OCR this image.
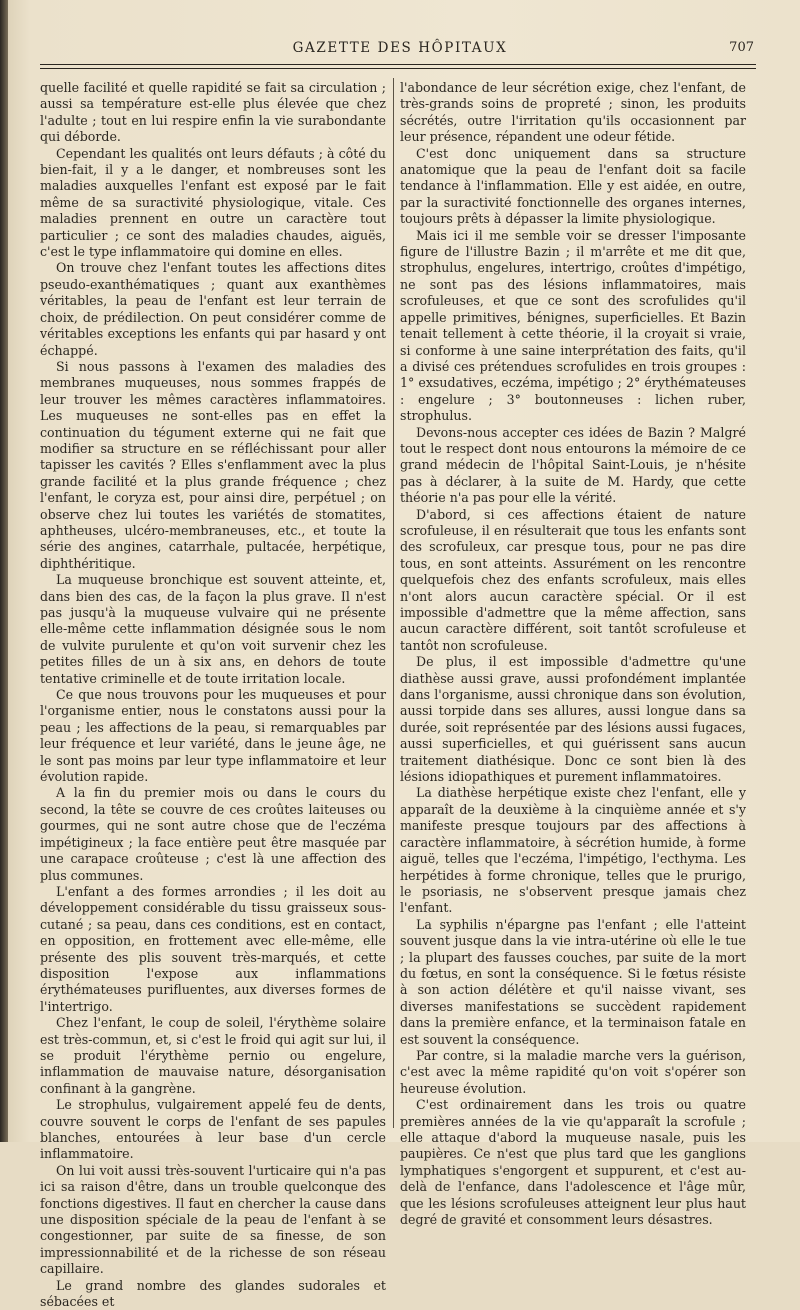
GAZETTE DES HÔPITAUX	707

quelle facilité et quelle rapidité se fait sa circulation ; aussi sa température est-elle plus élevée que chez l'adulte ; tout en lui respire enfin la vie surabondante qui déborde.

Cependant les qualités ont leurs défauts ; à côté du bien-fait, il y a le danger, et nombreuses sont les maladies auxquelles l'enfant est exposé par le fait même de sa suractivité physiologique, vitale. Ces maladies prennent en outre un caractère tout particulier ; ce sont des maladies chaudes, aiguës, c'est le type inflammatoire qui domine en elles.

On trouve chez l'enfant toutes les affections dites pseudo-exanthématiques ; quant aux exanthèmes véritables, la peau de l'enfant est leur terrain de choix, de prédilection. On peut considérer comme de véritables exceptions les enfants qui par hasard y ont échappé.

Si nous passons à l'examen des maladies des membranes muqueuses, nous sommes frappés de leur trouver les mêmes caractères inflammatoires. Les muqueuses ne sont-elles pas en effet la continuation du tégument externe qui ne fait que modifier sa structure en se réfléchissant pour aller tapisser les cavités ? Elles s'enflamment avec la plus grande facilité et la plus grande fréquence ; chez l'enfant, le coryza est, pour ainsi dire, perpétuel ; on observe chez lui toutes les variétés de stomatites, aphtheuses, ulcéro-membraneuses, etc., et toute la série des angines, catarrhale, pultacée, herpétique, diphthéritique.

La muqueuse bronchique est souvent atteinte, et, dans bien des cas, de la façon la plus grave. Il n'est pas jusqu'à la muqueuse vulvaire qui ne présente elle-même cette inflammation désignée sous le nom de vulvite purulente et qu'on voit survenir chez les petites filles de un à six ans, en dehors de toute tentative criminelle et de toute irritation locale.

Ce que nous trouvons pour les muqueuses et pour l'organisme entier, nous le constatons aussi pour la peau ; les affections de la peau, si remarquables par leur fréquence et leur variété, dans le jeune âge, ne le sont pas moins par leur type inflammatoire et leur évolution rapide.

A la fin du premier mois ou dans le cours du second, la tête se couvre de ces croûtes laiteuses ou gourmes, qui ne sont autre chose que de l'eczéma impétigineux ; la face entière peut être masquée par une carapace croûteuse ; c'est là une affection des plus communes.

L'enfant a des formes arrondies ; il les doit au développement considérable du tissu graisseux sous-cutané ; sa peau, dans ces conditions, est en contact, en opposition, en frottement avec elle-même, elle présente des plis souvent très-marqués, et cette disposition l'expose aux inflammations érythémateuses purifluentes, aux diverses formes de l'intertrigo.

Chez l'enfant, le coup de soleil, l'érythème solaire est très-commun, et, si c'est le froid qui agit sur lui, il se produit l'érythème pernio ou engelure, inflammation de mauvaise nature, désorganisation confinant à la gangrène.

Le strophulus, vulgairement appelé feu de dents, couvre souvent le corps de l'enfant de ses papules blanches, entourées à leur base d'un cercle inflammatoire.

On lui voit aussi très-souvent l'urticaire qui n'a pas ici sa raison d'être, dans un trouble quelconque des fonctions digestives. Il faut en chercher la cause dans une disposition spéciale de la peau de l'enfant à se congestionner, par suite de sa finesse, de son impressionnabilité et de la richesse de son réseau capillaire.

Le grand nombre des glandes sudorales et sébacées et

l'abondance de leur sécrétion exige, chez l'enfant, de très-grands soins de propreté ; sinon, les produits sécrétés, outre l'irritation qu'ils occasionnent par leur présence, répandent une odeur fétide.

C'est donc uniquement dans sa structure anatomique que la peau de l'enfant doit sa facile tendance à l'inflammation. Elle y est aidée, en outre, par la suractivité fonctionnelle des organes internes, toujours prêts à dépasser la limite physiologique.

Mais ici il me semble voir se dresser l'imposante figure de l'illustre Bazin ; il m'arrête et me dit que, strophulus, engelures, intertrigo, croûtes d'impétigo, ne sont pas des lésions inflammatoires, mais scrofuleuses, et que ce sont des scrofulides qu'il appelle primitives, bénignes, superficielles. Et Bazin tenait tellement à cette théorie, il la croyait si vraie, si conforme à une saine interprétation des faits, qu'il a divisé ces prétendues scrofulides en trois groupes : 1° exsudatives, eczéma, impétigo ; 2° érythémateuses : engelure ; 3° boutonneuses : lichen ruber, strophulus.

Devons-nous accepter ces idées de Bazin ? Malgré tout le respect dont nous entourons la mémoire de ce grand médecin de l'hôpital Saint-Louis, je n'hésite pas à déclarer, à la suite de M. Hardy, que cette théorie n'a pas pour elle la vérité.

D'abord, si ces affections étaient de nature scrofuleuse, il en résulterait que tous les enfants sont des scrofuleux, car presque tous, pour ne pas dire tous, en sont atteints. Assurément on les rencontre quelquefois chez des enfants scrofuleux, mais elles n'ont alors aucun caractère spécial. Or il est impossible d'admettre que la même affection, sans aucun caractère différent, soit tantôt scrofuleuse et tantôt non scrofuleuse.

De plus, il est impossible d'admettre qu'une diathèse aussi grave, aussi profondément implantée dans l'organisme, aussi chronique dans son évolution, aussi torpide dans ses allures, aussi longue dans sa durée, soit représentée par des lésions aussi fugaces, aussi superficielles, et qui guérissent sans aucun traitement diathésique. Donc ce sont bien là des lésions idiopathiques et purement inflammatoires.

La diathèse herpétique existe chez l'enfant, elle y apparaît de la deuxième à la cinquième année et s'y manifeste presque toujours par des affections à caractère inflammatoire, à sécrétion humide, à forme aiguë, telles que l'eczéma, l'impétigo, l'ecthyma. Les herpétides à forme chronique, telles que le prurigo, le psoriasis, ne s'observent presque jamais chez l'enfant.

La syphilis n'épargne pas l'enfant ; elle l'atteint souvent jusque dans la vie intra-utérine où elle le tue ; la plupart des fausses couches, par suite de la mort du fœtus, en sont la conséquence. Si le fœtus résiste à son action délétère et qu'il naisse vivant, ses diverses manifestations se succèdent rapidement dans la première enfance, et la terminaison fatale en est souvent la conséquence.

Par contre, si la maladie marche vers la guérison, c'est avec la même rapidité qu'on voit s'opérer son heureuse évolution.

C'est ordinairement dans les trois ou quatre premières années de la vie qu'apparaît la scrofule ; elle attaque d'abord la muqueuse nasale, puis les paupières. Ce n'est que plus tard que les ganglions lymphatiques s'engorgent et suppurent, et c'est au-delà de l'enfance, dans l'adolescence et l'âge mûr, que les lésions scrofuleuses atteignent leur plus haut degré de gravité et consomment leurs désastres.
